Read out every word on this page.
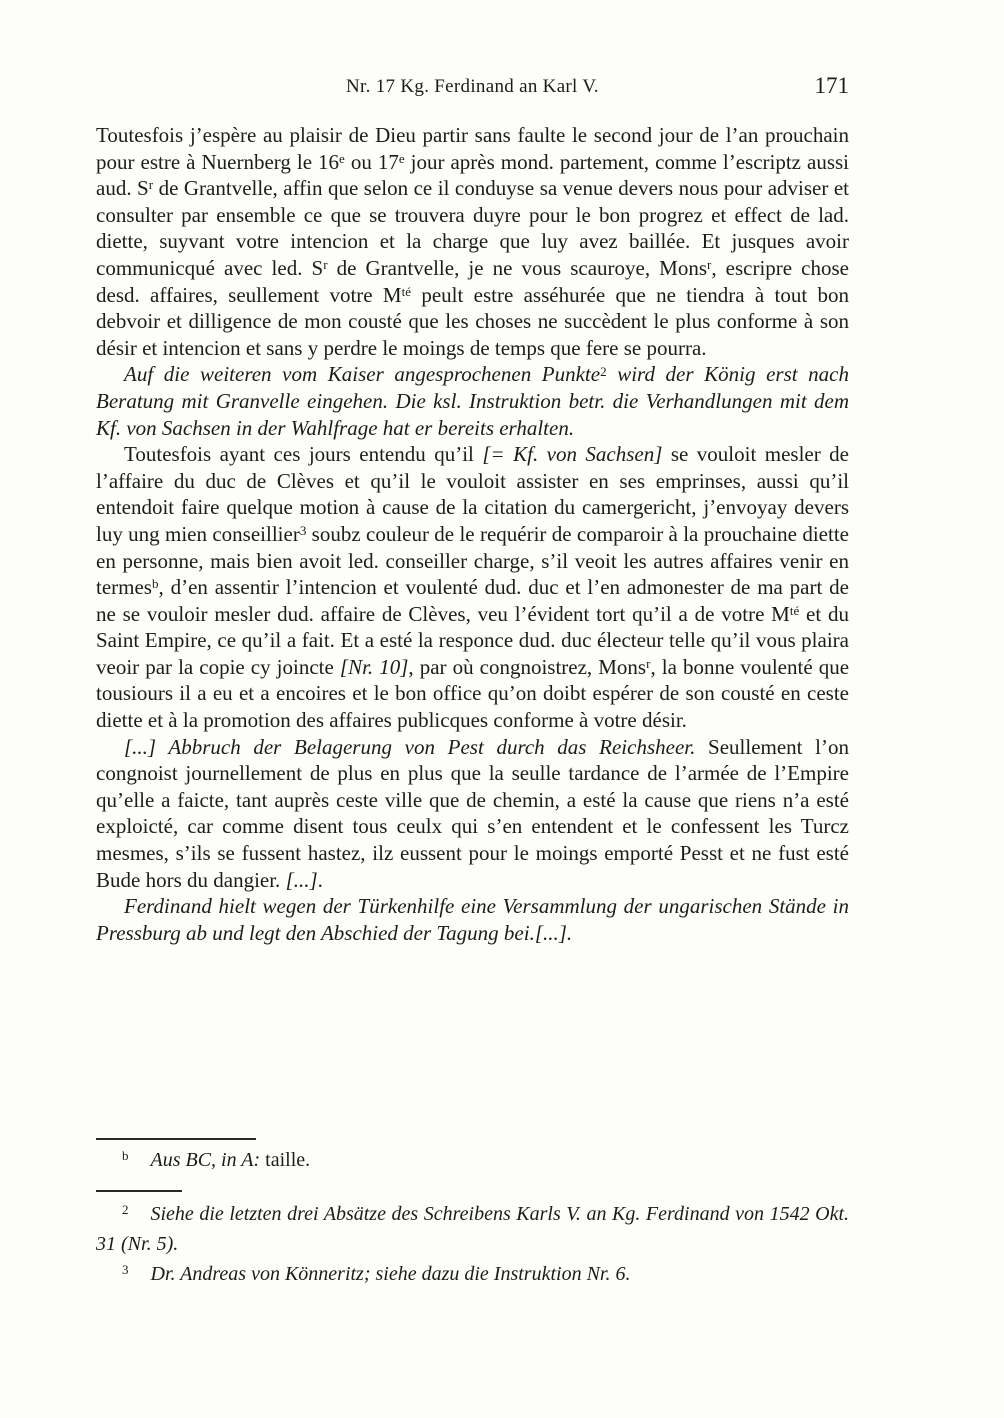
Nr. 17 Kg. Ferdinand an Karl V.	171

Toutesfois j’espère au plaisir de Dieu partir sans faulte le second jour de l’an prouchain pour estre à Nuernberg le 16e ou 17e jour après mond. partement, comme l’escriptz aussi aud. $S^r$ de Grantvelle, affin que selon ce il conduyse sa venue devers nous pour adviser et consulter par ensemble ce que se trouvera duyre pour le bon progrez et effect de lad. diette, suyvant votre intencion et la charge que luy avez baillée. Et jusques avoir communicqué avec led. $S^r$ de Grantvelle, je ne vous scauroye, Mons$^r$, escripre chose desd. affaires, seullement votre $M^{té}$ peult estre asséhurée que ne tiendra à tout bon debvoir et dilligence de mon cousté que les choses ne succèdent le plus conforme à son désir et intencion et sans y perdre le moings de temps que fere se pourra.

Auf die weiteren vom Kaiser angesprochenen Punkte$^2$ wird der König erst nach Beratung mit Granvelle eingehen. Die ksl. Instruktion betr. die Verhandlungen mit dem Kf. von Sachsen in der Wahlfrage hat er bereits erhalten.

Toutesfois ayant ces jours entendu qu’il [= Kf. von Sachsen] se vouloit mesler de l’affaire du duc de Clèves et qu’il le vouloit assister en ses emprinses, aussi qu’il entendoit faire quelque motion à cause de la citation du camergericht, j’envoyay devers luy ung mien conseillier$^3$ soubz couleur de le requérir de comparoir à la prouchaine diette en personne, mais bien avoit led. conseiller charge, s’il veoit les autres affaires venir en termes$^b$, d’en assentir l’intencion et voulenté dud. duc et l’en admonester de ma part de ne se vouloir mesler dud. affaire de Clèves, veu l’évident tort qu’il a de votre $M^{té}$ et du Saint Empire, ce qu’il a fait. Et a esté la responce dud. duc électeur telle qu’il vous plaira veoir par la copie cy joincte [Nr. 10], par où congnoistrez, Mons$^r$, la bonne voulenté que tousiours il a eu et a encoires et le bon office qu’on doibt espérer de son cousté en ceste diette et à la promotion des affaires publicques conforme à votre désir.

[...] Abbruch der Belagerung von Pest durch das Reichsheer. Seullement l’on congnoist journellement de plus en plus que la seulle tardance de l’armée de l’Empire qu’elle a faicte, tant auprès ceste ville que de chemin, a esté la cause que riens n’a esté exploicté, car comme disent tous ceulx qui s’en entendent et le confessent les Turcz mesmes, s’ils se fussent hastez, ilz eussent pour le moings emporté Pesst et ne fust esté Bude hors du dangier. [...].

Ferdinand hielt wegen der Türkenhilfe eine Versammlung der ungarischen Stände in Pressburg ab und legt den Abschied der Tagung bei.[...].

$^b$ Aus BC, in A: taille.

$^2$ Siehe die letzten drei Absätze des Schreibens Karls V. an Kg. Ferdinand von 1542 Okt. 31 (Nr. 5).

$^3$ Dr. Andreas von Könneritz; siehe dazu die Instruktion Nr. 6.
